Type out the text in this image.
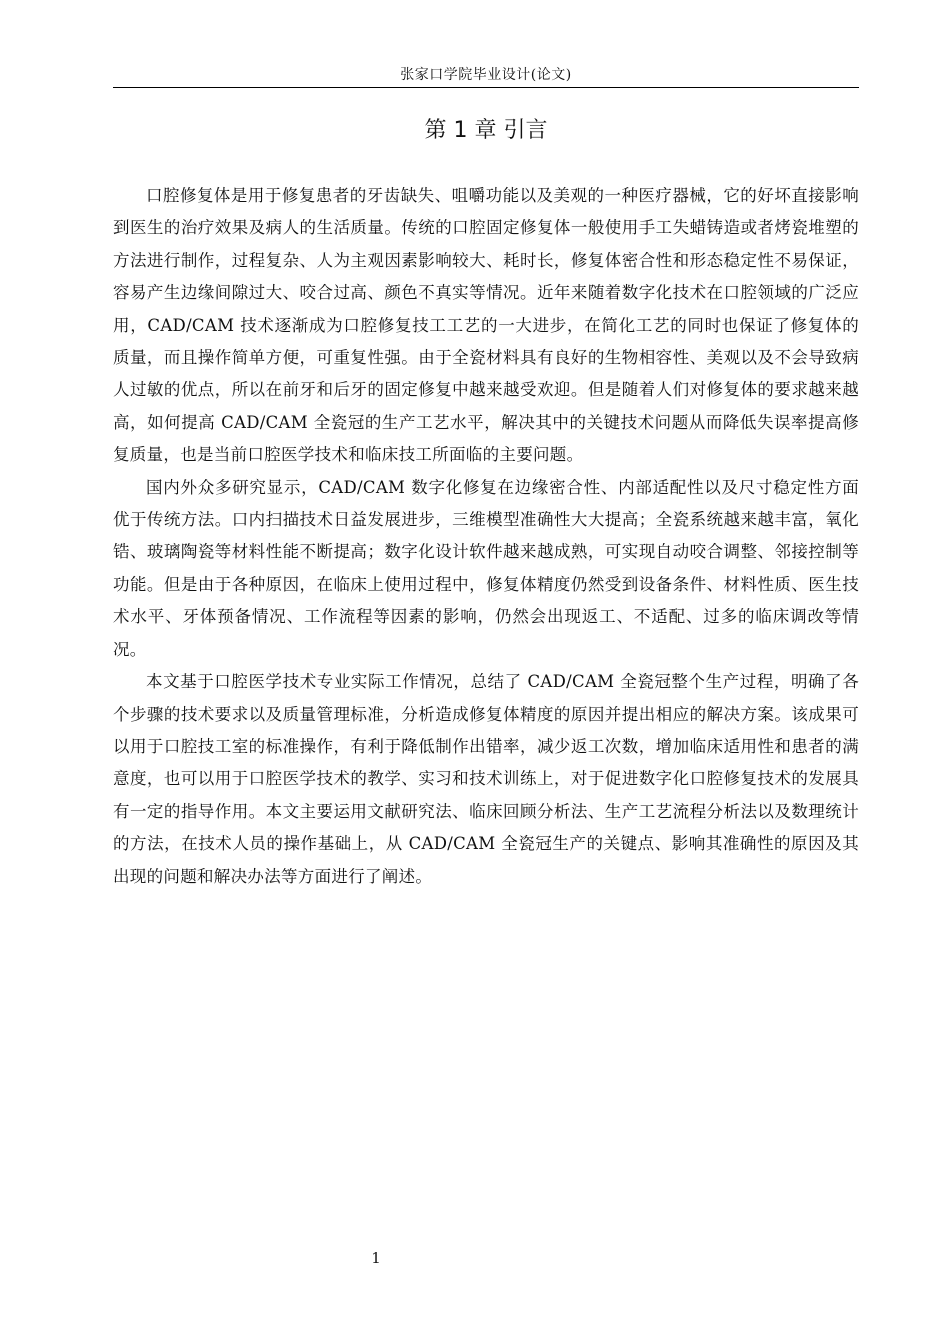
张家口学院毕业设计(论文)
第 1 章 引言

口腔修复体是用于修复患者的牙齿缺失、咀嚼功能以及美观的一种医疗器械，它的好坏直接影响到医生的治疗效果及病人的生活质量。传统的口腔固定修复体一般使用手工失蜡铸造或者烤瓷堆塑的方法进行制作，过程复杂、人为主观因素影响较大、耗时长，修复体密合性和形态稳定性不易保证，容易产生边缘间隙过大、咬合过高、颜色不真实等情况。近年来随着数字化技术在口腔领域的广泛应用，CAD/CAM 技术逐渐成为口腔修复技工工艺的一大进步，在简化工艺的同时也保证了修复体的质量，而且操作简单方便，可重复性强。由于全瓷材料具有良好的生物相容性、美观以及不会导致病人过敏的优点，所以在前牙和后牙的固定修复中越来越受欢迎。但是随着人们对修复体的要求越来越高，如何提高 CAD/CAM 全瓷冠的生产工艺水平，解决其中的关键技术问题从而降低失误率提高修复质量，也是当前口腔医学技术和临床技工所面临的主要问题。

国内外众多研究显示，CAD/CAM 数字化修复在边缘密合性、内部适配性以及尺寸稳定性方面优于传统方法。口内扫描技术日益发展进步，三维模型准确性大大提高；全瓷系统越来越丰富，氧化锆、玻璃陶瓷等材料性能不断提高；数字化设计软件越来越成熟，可实现自动咬合调整、邻接控制等功能。但是由于各种原因，在临床上使用过程中，修复体精度仍然受到设备条件、材料性质、医生技术水平、牙体预备情况、工作流程等因素的影响，仍然会出现返工、不适配、过多的临床调改等情况。

本文基于口腔医学技术专业实际工作情况，总结了 CAD/CAM 全瓷冠整个生产过程，明确了各个步骤的技术要求以及质量管理标准，分析造成修复体精度的原因并提出相应的解决方案。该成果可以用于口腔技工室的标准操作，有利于降低制作出错率，减少返工次数，增加临床适用性和患者的满意度，也可以用于口腔医学技术的教学、实习和技术训练上，对于促进数字化口腔修复技术的发展具有一定的指导作用。本文主要运用文献研究法、临床回顾分析法、生产工艺流程分析法以及数理统计的方法，在技术人员的操作基础上，从 CAD/CAM 全瓷冠生产的关键点、影响其准确性的原因及其出现的问题和解决办法等方面进行了阐述。

1
